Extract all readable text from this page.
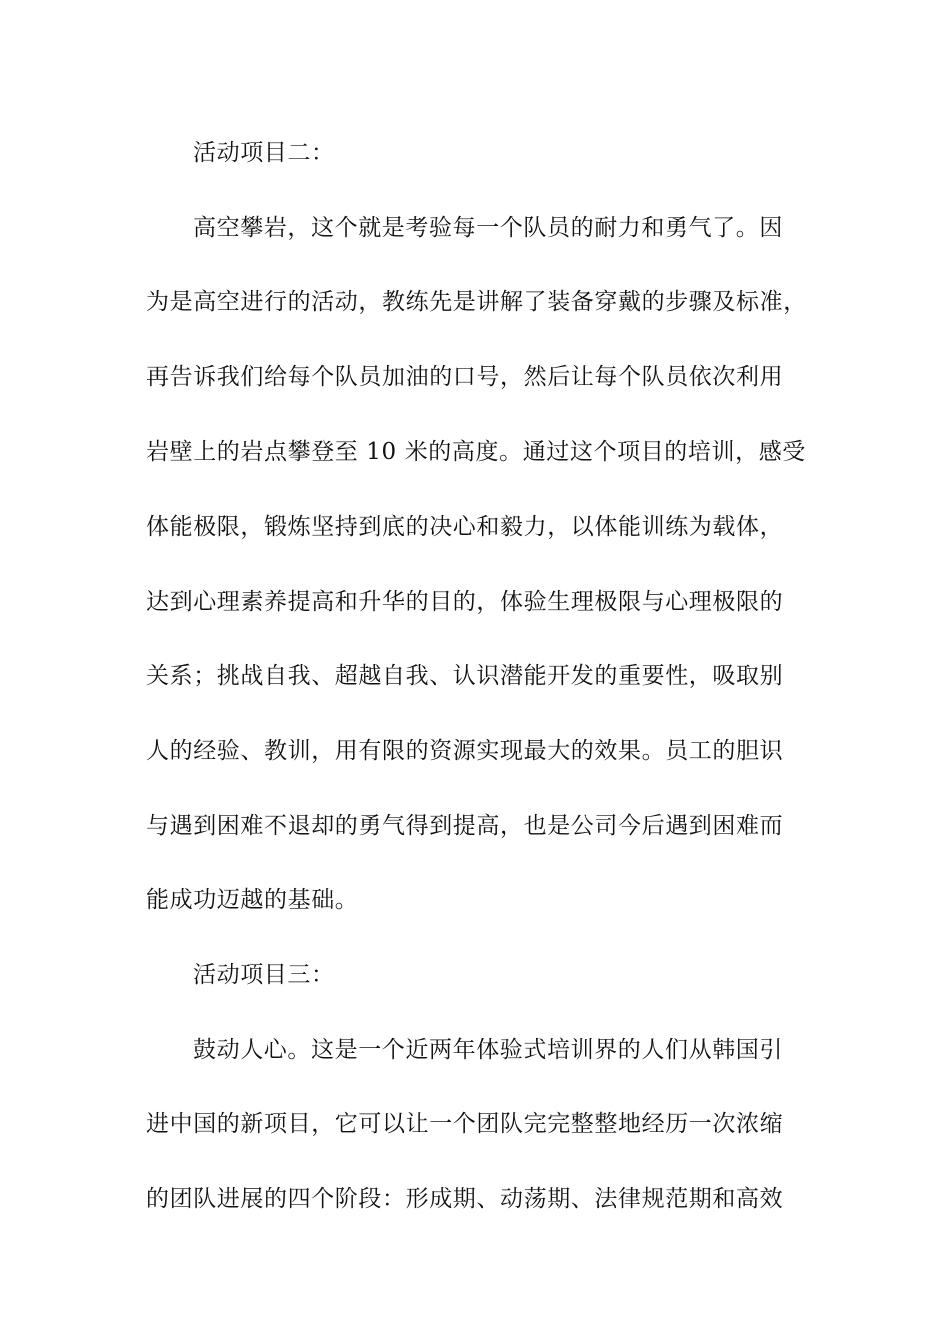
活动项目二：
高空攀岩，这个就是考验每一个队员的耐力和勇气了。因
为是高空进行的活动，教练先是讲解了装备穿戴的步骤及标准，
再告诉我们给每个队员加油的口号，然后让每个队员依次利用
岩壁上的岩点攀登至 10 米的高度。通过这个项目的培训，感受
体能极限，锻炼坚持到底的决心和毅力，以体能训练为载体，
达到心理素养提高和升华的目的，体验生理极限与心理极限的
关系；挑战自我、超越自我、认识潜能开发的重要性，吸取别
人的经验、教训，用有限的资源实现最大的效果。员工的胆识
与遇到困难不退却的勇气得到提高，也是公司今后遇到困难而
能成功迈越的基础。
活动项目三：
鼓动人心。这是一个近两年体验式培训界的人们从韩国引
进中国的新项目，它可以让一个团队完完整整地经历一次浓缩
的团队进展的四个阶段：形成期、动荡期、法律规范期和高效
